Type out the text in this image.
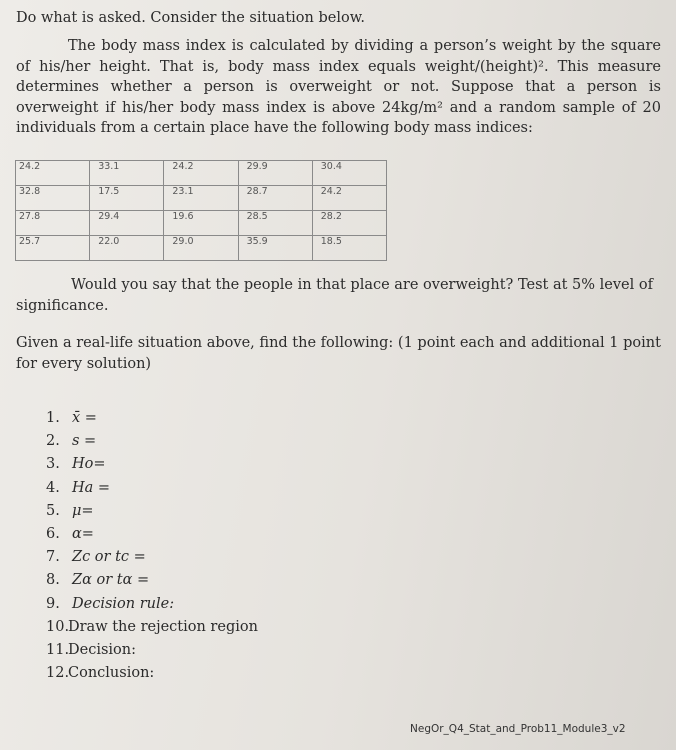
Do what is asked. Consider the situation below.

The body mass index is calculated by dividing a person’s weight by the square of his/her height. That is, body mass index equals weight/(height)². This measure determines whether a person is overweight or not. Suppose that a person is overweight if his/her body mass index is above 24kg/m² and a random sample of 20 individuals from a certain place have the following body mass indices:

24.2	33.1	24.2	29.9	30.4
32.8	17.5	23.1	28.7	24.2
27.8	29.4	19.6	28.5	28.2
25.7	22.0	29.0	35.9	18.5

Would you say that the people in that place are overweight? Test at 5% level of significance.

Given a real-life situation above, find the following: (1 point each and additional 1 point for every solution)

1. x̄ =
2. s =
3. Ho=
4. Ha =
5. μ=
6. α=
7. Zc or tc =
8. Zα or tα =
9. Decision rule:
10.Draw the rejection region
11.Decision:
12.Conclusion:
NegOr_Q4_Stat_and_Prob11_Module3_v2
